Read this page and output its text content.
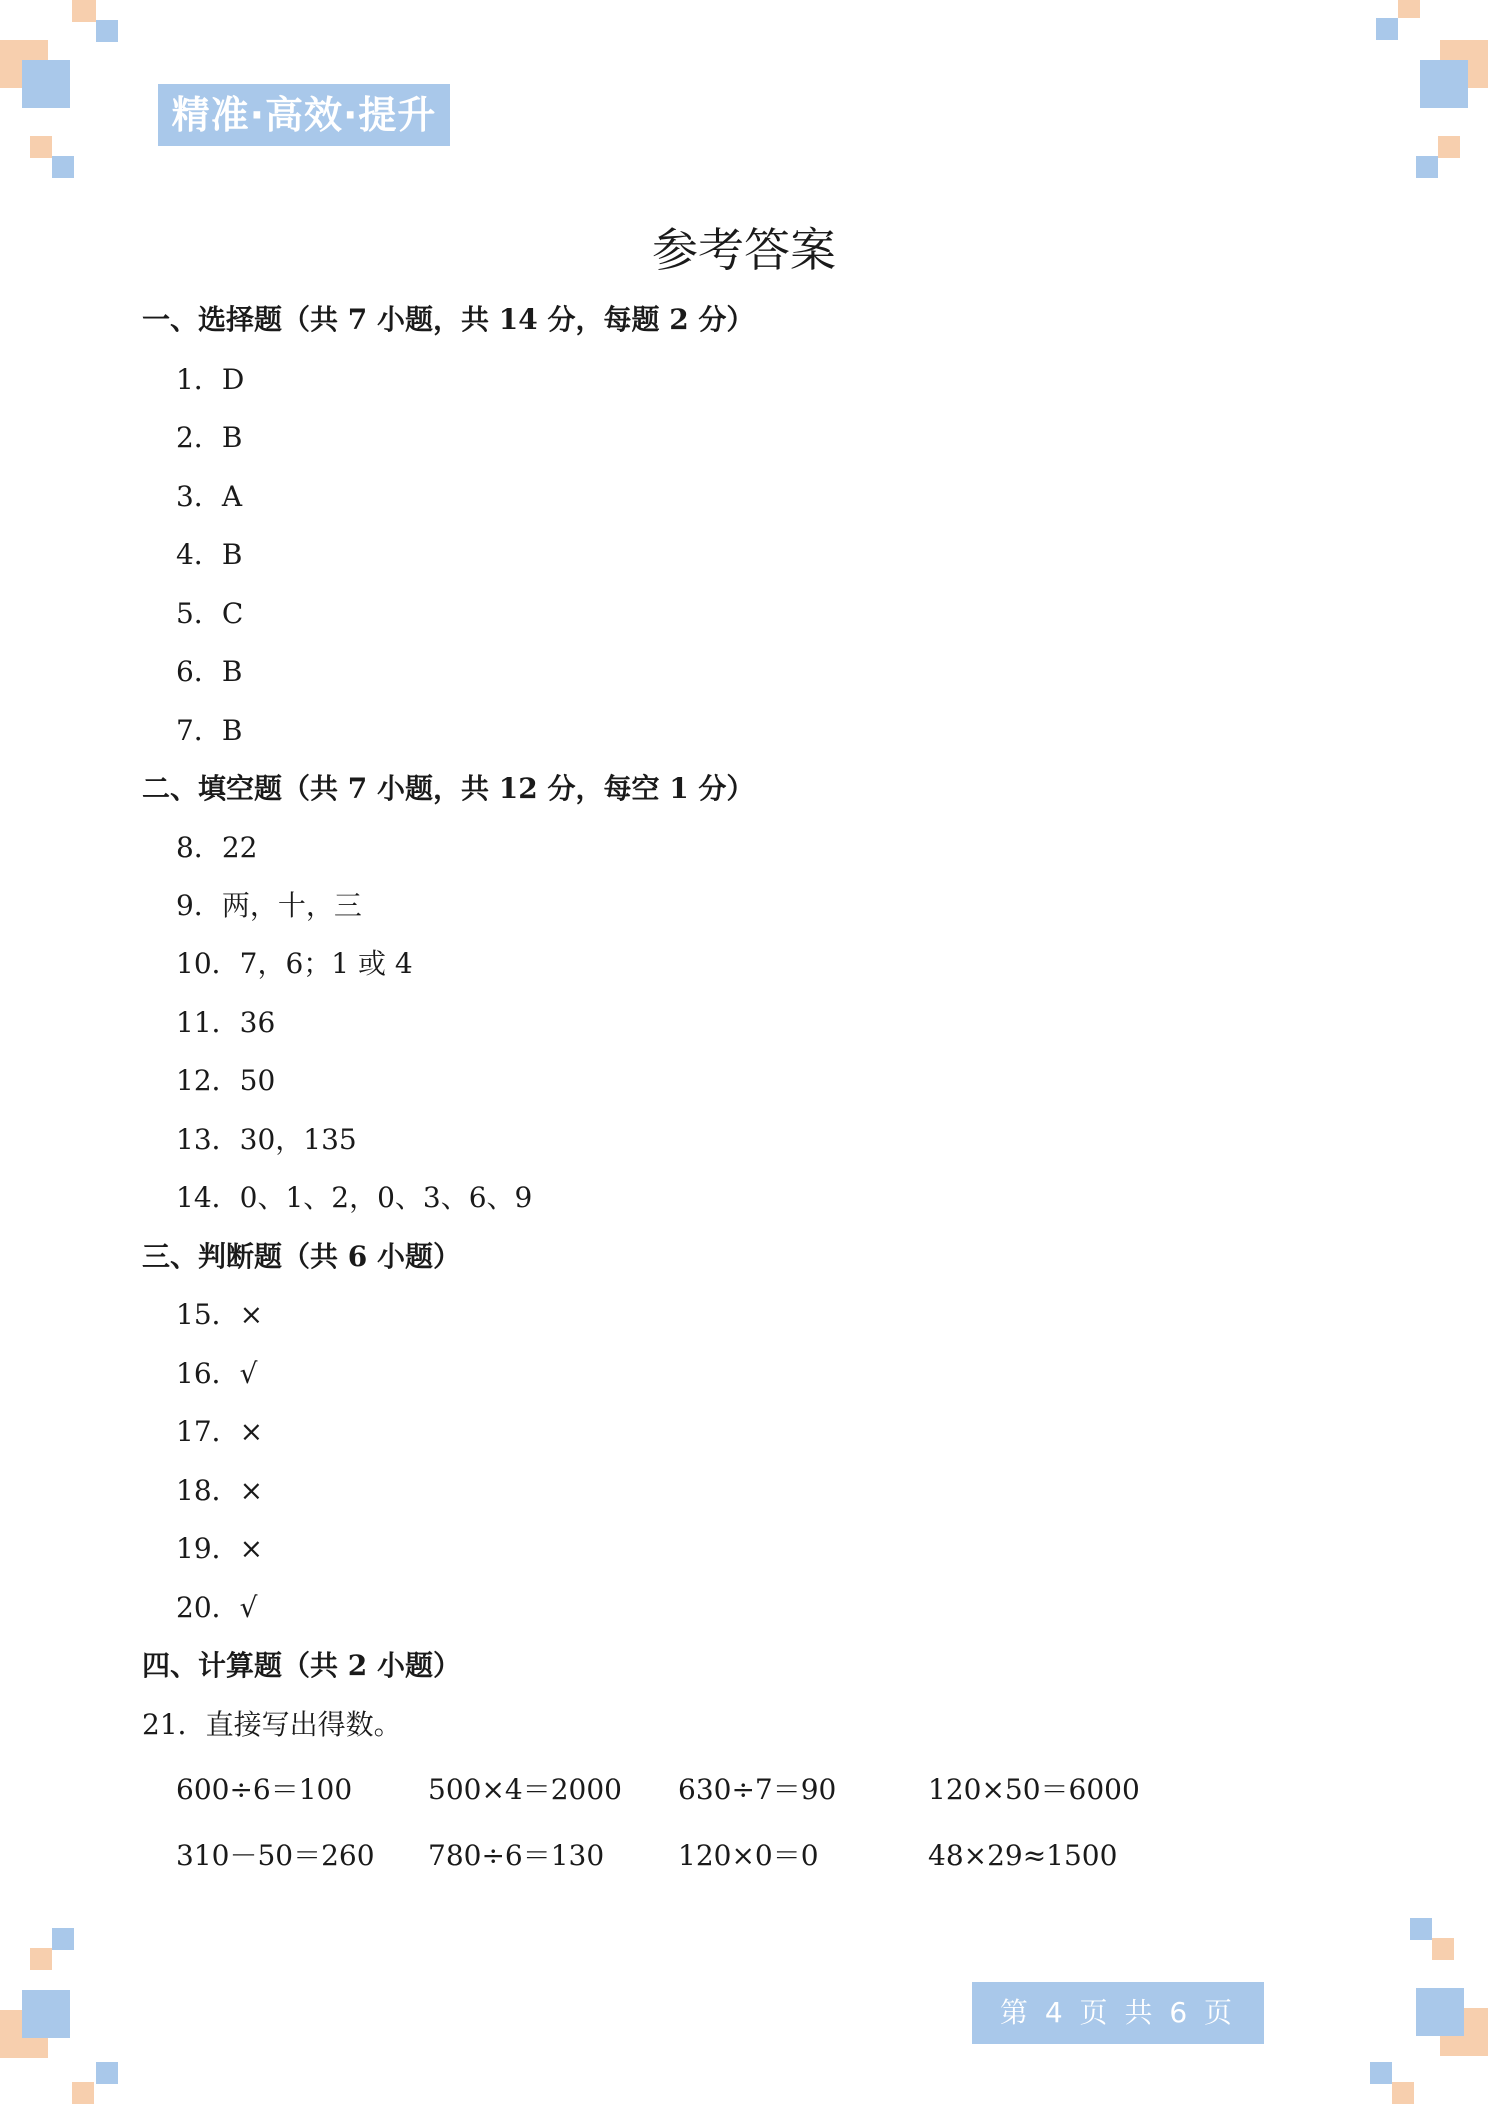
精准·高效·提升
参考答案
一、选择题（共 7 小题，共 14 分，每题 2 分）
1．D
2．B
3．A
4．B
5．C
6．B
7．B
二、填空题（共 7 小题，共 12 分，每空 1 分）
8．22
9．两，十，三
10．7，6；1 或 4
11．36
12．50
13．30，135
14．0、1、2，0、3、6、9
三、判断题（共 6 小题）
15．×
16．√
17．×
18．×
19．×
20．√
四、计算题（共 2 小题）
21．直接写出得数。
600÷6＝100	500×4＝2000 630÷7＝90	120×50＝6000
310－50＝260 780÷6＝130	120×0＝0	48×29≈1500
第 4 页 共 6 页
